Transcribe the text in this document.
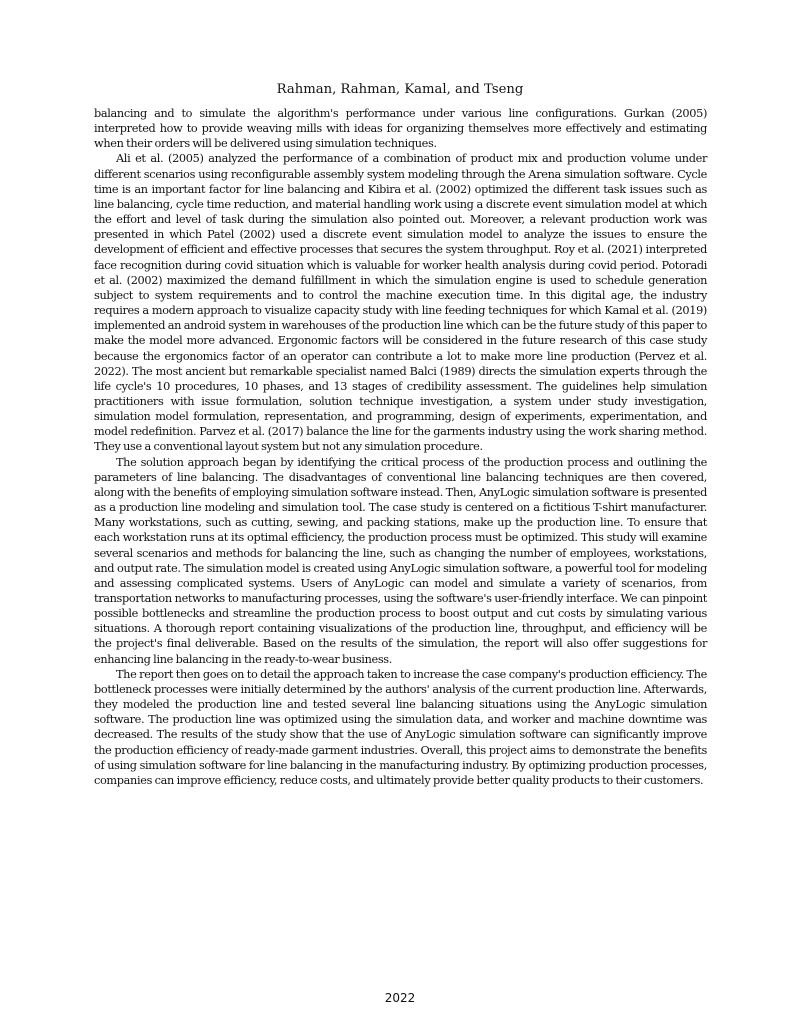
Rahman, Rahman, Kamal, and Tseng

balancing and to simulate the algorithm's performance under various line configurations. Gurkan (2005) interpreted how to provide weaving mills with ideas for organizing themselves more effectively and estimating when their orders will be delivered using simulation techniques.

Ali et al. (2005) analyzed the performance of a combination of product mix and production volume under different scenarios using reconfigurable assembly system modeling through the Arena simulation software. Cycle time is an important factor for line balancing and Kibira et al. (2002) optimized the different task issues such as line balancing, cycle time reduction, and material handling work using a discrete event simulation model at which the effort and level of task during the simulation also pointed out. Moreover, a relevant production work was presented in which Patel (2002) used a discrete event simulation model to analyze the issues to ensure the development of efficient and effective processes that secures the system throughput. Roy et al. (2021) interpreted face recognition during covid situation which is valuable for worker health analysis during covid period. Potoradi et al. (2002) maximized the demand fulfillment in which the simulation engine is used to schedule generation subject to system requirements and to control the machine execution time. In this digital age, the industry requires a modern approach to visualize capacity study with line feeding techniques for which Kamal et al. (2019) implemented an android system in warehouses of the production line which can be the future study of this paper to make the model more advanced. Ergonomic factors will be considered in the future research of this case study because the ergonomics factor of an operator can contribute a lot to make more line production (Pervez et al. 2022). The most ancient but remarkable specialist named Balci (1989) directs the simulation experts through the life cycle's 10 procedures, 10 phases, and 13 stages of credibility assessment. The guidelines help simulation practitioners with issue formulation, solution technique investigation, a system under study investigation, simulation model formulation, representation, and programming, design of experiments, experimentation, and model redefinition. Parvez et al. (2017) balance the line for the garments industry using the work sharing method. They use a conventional layout system but not any simulation procedure.

The solution approach began by identifying the critical process of the production process and outlining the parameters of line balancing. The disadvantages of conventional line balancing techniques are then covered, along with the benefits of employing simulation software instead. Then, AnyLogic simulation software is presented as a production line modeling and simulation tool. The case study is centered on a fictitious T-shirt manufacturer. Many workstations, such as cutting, sewing, and packing stations, make up the production line. To ensure that each workstation runs at its optimal efficiency, the production process must be optimized. This study will examine several scenarios and methods for balancing the line, such as changing the number of employees, workstations, and output rate. The simulation model is created using AnyLogic simulation software, a powerful tool for modeling and assessing complicated systems. Users of AnyLogic can model and simulate a variety of scenarios, from transportation networks to manufacturing processes, using the software's user-friendly interface. We can pinpoint possible bottlenecks and streamline the production process to boost output and cut costs by simulating various situations. A thorough report containing visualizations of the production line, throughput, and efficiency will be the project's final deliverable. Based on the results of the simulation, the report will also offer suggestions for enhancing line balancing in the ready-to-wear business.

The report then goes on to detail the approach taken to increase the case company's production efficiency. The bottleneck processes were initially determined by the authors' analysis of the current production line. Afterwards, they modeled the production line and tested several line balancing situations using the AnyLogic simulation software. The production line was optimized using the simulation data, and worker and machine downtime was decreased. The results of the study show that the use of AnyLogic simulation software can significantly improve the production efficiency of ready-made garment industries. Overall, this project aims to demonstrate the benefits of using simulation software for line balancing in the manufacturing industry. By optimizing production processes, companies can improve efficiency, reduce costs, and ultimately provide better quality products to their customers.

2022
